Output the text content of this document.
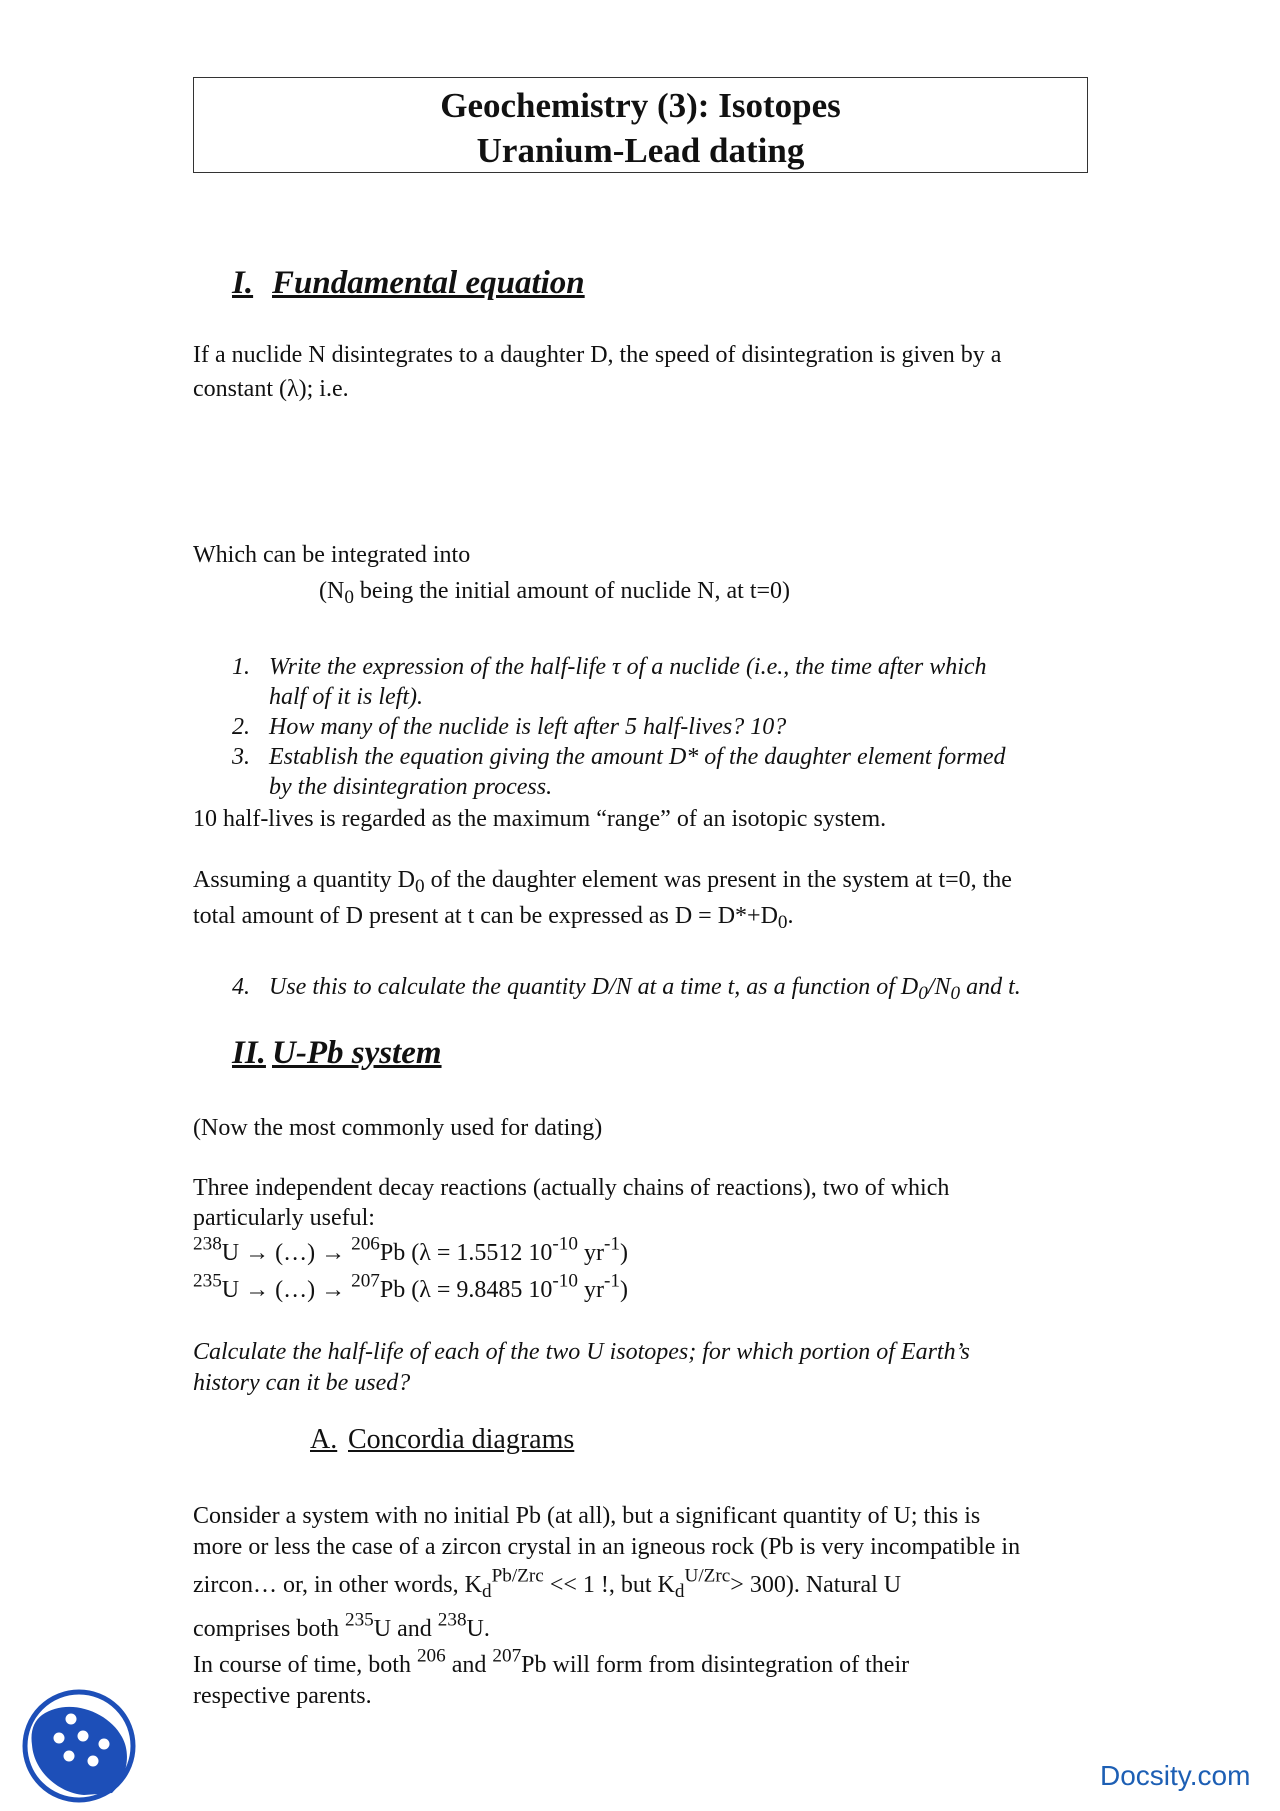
Geochemistry (3): Isotopes
Uranium-Lead dating
I. Fundamental equation
If a nuclide N disintegrates to a daughter D, the speed of disintegration is given by a
constant (λ); i.e.
Which can be integrated into
($N_0$ being the initial amount of nuclide N, at t=0)
1. Write the expression of the half-life τ of a nuclide (i.e., the time after which
half of it is left).
2. How many of the nuclide is left after 5 half-lives? 10?
3. Establish the equation giving the amount D* of the daughter element formed
by the disintegration process.
10 half-lives is regarded as the maximum “range” of an isotopic system.
Assuming a quantity $D_0$ of the daughter element was present in the system at t=0, the
total amount of D present at t can be expressed as $D = D*+D_0$.
4. Use this to calculate the quantity D/N at a time t, as a function of $D_0/N_0$ and t.
II. U-Pb system
(Now the most commonly used for dating)
Three independent decay reactions (actually chains of reactions), two of which
particularly useful:
$^{238}$U → (…) → $^{206}$Pb (λ = 1.5512 $10^{-10}$ $yr^{-1}$)
$^{235}$U → (…) → $^{207}$Pb (λ = 9.8485 $10^{-10}$ $yr^{-1}$)
Calculate the half-life of each of the two U isotopes; for which portion of Earth’s
history can it be used?
A. Concordia diagrams
Consider a system with no initial Pb (at all), but a significant quantity of U; this is
more or less the case of a zircon crystal in an igneous rock (Pb is very incompatible in
zircon… or, in other words, $K_d^{Pb/Zrc} << 1$ !, but $K_d^{U/Zrc}> 300$). Natural U
comprises both $^{235}$U and $^{238}$U.
In course of time, both $^{206}$ and $^{207}$Pb will form from disintegration of their
respective parents.
Docsity.com
